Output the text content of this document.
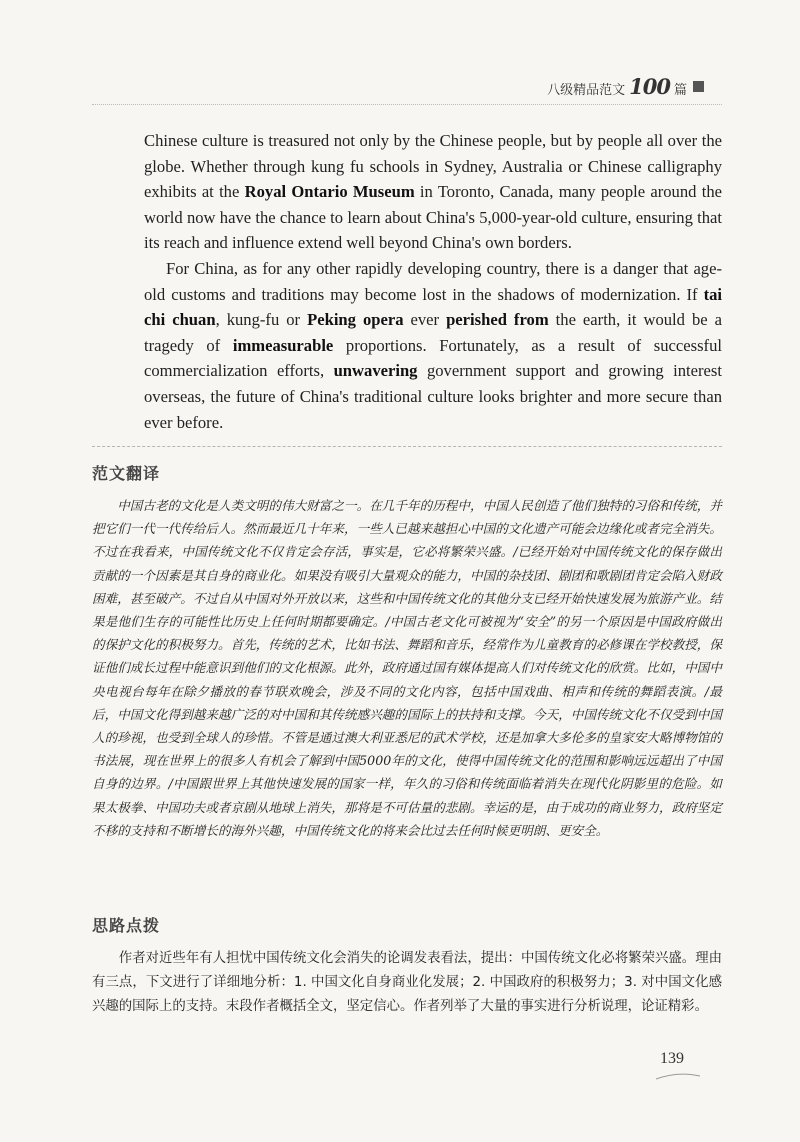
八级精品范文 100 篇

Chinese culture is treasured not only by the Chinese people, but by people all over the globe. Whether through kung fu schools in Sydney, Australia or Chinese calligraphy exhibits at the Royal Ontario Museum in Toronto, Canada, many people around the world now have the chance to learn about China's 5,000-year-old culture, ensuring that its reach and influence extend well beyond China's own borders.

For China, as for any other rapidly developing country, there is a danger that age-old customs and traditions may become lost in the shadows of modernization. If tai chi chuan, kung-fu or Peking opera ever perished from the earth, it would be a tragedy of immeasurable proportions. Fortunately, as a result of successful commercialization efforts, unwavering government support and growing interest overseas, the future of China's traditional culture looks brighter and more secure than ever before.

范文翻译

中国古老的文化是人类文明的伟大财富之一。在几千年的历程中，中国人民创造了他们独特的习俗和传统，并把它们一代一代传给后人。然而最近几十年来，一些人已越来越担心中国的文化遗产可能会边缘化或者完全消失。不过在我看来，中国传统文化不仅肯定会存活，事实是，它必将繁荣兴盛。/已经开始对中国传统文化的保存做出贡献的一个因素是其自身的商业化。如果没有吸引大量观众的能力，中国的杂技团、剧团和歌剧团肯定会陷入财政困难，甚至破产。不过自从中国对外开放以来，这些和中国传统文化的其他分支已经开始快速发展为旅游产业。结果是他们生存的可能性比历史上任何时期都要确定。/中国古老文化可被视为“安全”的另一个原因是中国政府做出的保护文化的积极努力。首先，传统的艺术，比如书法、舞蹈和音乐，经常作为儿童教育的必修课在学校教授，保证他们成长过程中能意识到他们的文化根源。此外，政府通过国有媒体提高人们对传统文化的欣赏。比如，中国中央电视台每年在除夕播放的春节联欢晚会，涉及不同的文化内容，包括中国戏曲、相声和传统的舞蹈表演。/最后，中国文化得到越来越广泛的对中国和其传统感兴趣的国际上的扶持和支撑。今天，中国传统文化不仅受到中国人的珍视，也受到全球人的珍惜。不管是通过澳大利亚悉尼的武术学校，还是加拿大多伦多的皇家安大略博物馆的书法展，现在世界上的很多人有机会了解到中国5000年的文化，使得中国传统文化的范围和影响远远超出了中国自身的边界。/中国跟世界上其他快速发展的国家一样，年久的习俗和传统面临着消失在现代化阴影里的危险。如果太极拳、中国功夫或者京剧从地球上消失，那将是不可估量的悲剧。幸运的是，由于成功的商业努力，政府坚定不移的支持和不断增长的海外兴趣，中国传统文化的将来会比过去任何时候更明朗、更安全。

思路点拨

作者对近些年有人担忧中国传统文化会消失的论调发表看法，提出：中国传统文化必将繁荣兴盛。理由有三点，下文进行了详细地分析：1. 中国文化自身商业化发展；2. 中国政府的积极努力；3. 对中国文化感兴趣的国际上的支持。末段作者概括全文，坚定信心。作者列举了大量的事实进行分析说理，论证精彩。

139
